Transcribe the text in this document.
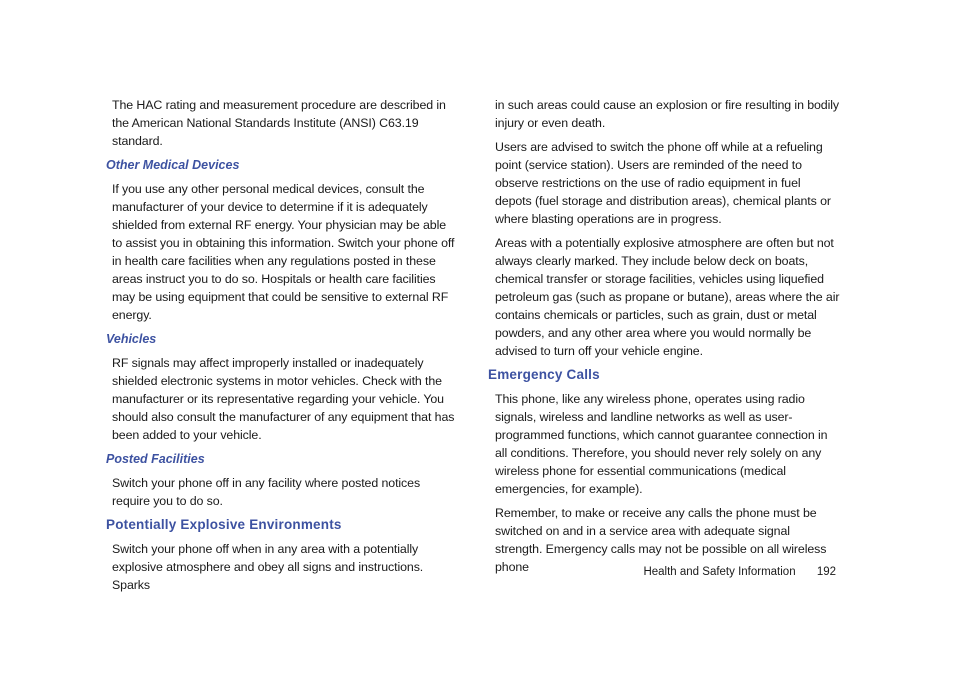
The HAC rating and measurement procedure are described in the American National Standards Institute (ANSI) C63.19 standard.

Other Medical Devices

If you use any other personal medical devices, consult the manufacturer of your device to determine if it is adequately shielded from external RF energy. Your physician may be able to assist you in obtaining this information. Switch your phone off in health care facilities when any regulations posted in these areas instruct you to do so. Hospitals or health care facilities may be using equipment that could be sensitive to external RF energy.

Vehicles

RF signals may affect improperly installed or inadequately shielded electronic systems in motor vehicles. Check with the manufacturer or its representative regarding your vehicle. You should also consult the manufacturer of any equipment that has been added to your vehicle.

Posted Facilities

Switch your phone off in any facility where posted notices require you to do so.

Potentially Explosive Environments

Switch your phone off when in any area with a potentially explosive atmosphere and obey all signs and instructions. Sparks

in such areas could cause an explosion or fire resulting in bodily injury or even death.

Users are advised to switch the phone off while at a refueling point (service station). Users are reminded of the need to observe restrictions on the use of radio equipment in fuel depots (fuel storage and distribution areas), chemical plants or where blasting operations are in progress.

Areas with a potentially explosive atmosphere are often but not always clearly marked. They include below deck on boats, chemical transfer or storage facilities, vehicles using liquefied petroleum gas (such as propane or butane), areas where the air contains chemicals or particles, such as grain, dust or metal powders, and any other area where you would normally be advised to turn off your vehicle engine.

Emergency Calls

This phone, like any wireless phone, operates using radio signals, wireless and landline networks as well as user-programmed functions, which cannot guarantee connection in all conditions. Therefore, you should never rely solely on any wireless phone for essential communications (medical emergencies, for example).

Remember, to make or receive any calls the phone must be switched on and in a service area with adequate signal strength. Emergency calls may not be possible on all wireless phone	Health and Safety Information 192
